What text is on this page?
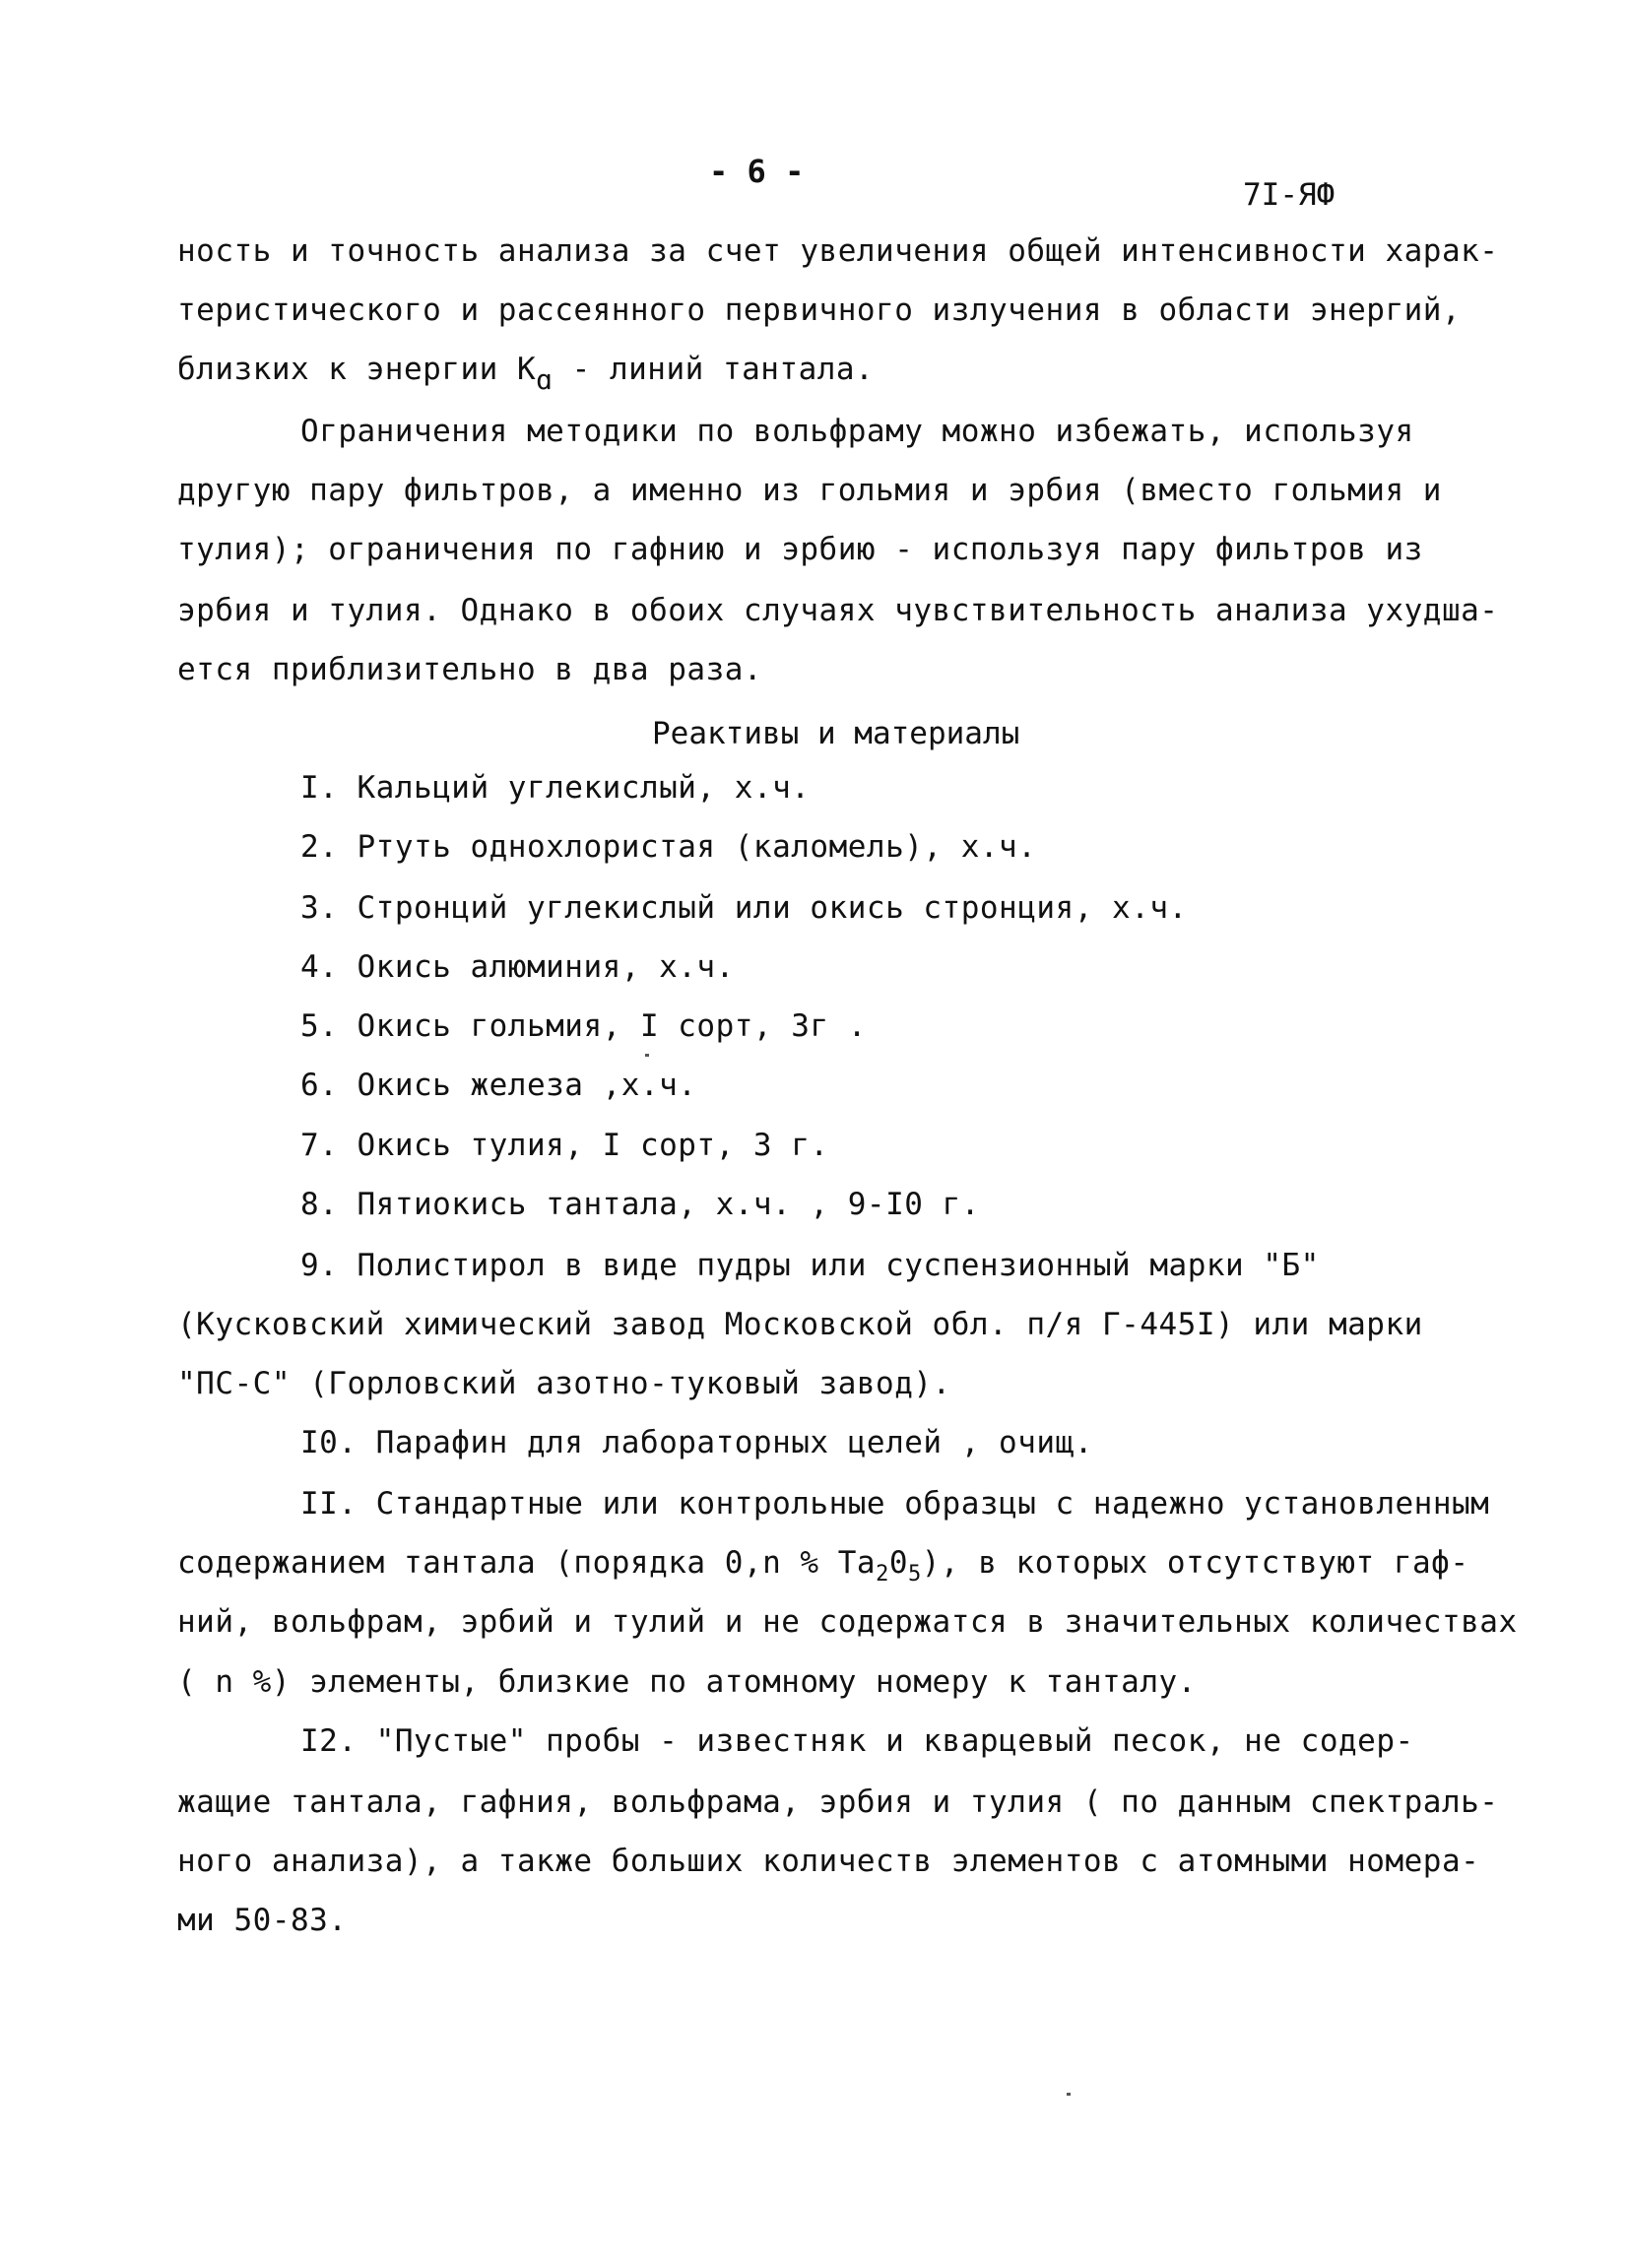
- 6 -
7I-ЯФ
ность и точность анализа за счет увеличения общей интенсивности харак-
теристического и рассеянного первичного излучения в области энергий,
близких к энергии $K_ɑ$ - линий тантала.
Ограничения методики по вольфраму можно избежать, используя
другую пару фильтров, а именно из гольмия и эрбия (вместо гольмия и
тулия); ограничения по гафнию и эрбию - используя пару фильтров из
эрбия и тулия. Однако в обоих случаях чувствительность анализа ухудша-
ется приблизительно в два раза.
Реактивы и материалы
I. Кальций углекислый, х.ч.
2. Ртуть однохлористая (каломель), х.ч.
3. Стронций углекислый или окись стронция, х.ч.
4. Окись алюминия, х.ч.
5. Окись гольмия, I сорт, 3г .
6. Окись железа ,х.ч.
7. Окись тулия, I сорт, 3 г.
8. Пятиокись тантала, х.ч. , 9-I0 г.
9. Полистирол в виде пудры или суспензионный марки "Б"
(Кусковский химический завод Московской обл. п/я Г-445I) или марки
"ПС-С" (Горловский азотно-туковый завод).
I0. Парафин для лабораторных целей , очищ.
II. Стандартные или контрольные образцы с надежно установленным
содержанием тантала (порядка 0,n % $Ta_20_5$), в которых отсутствуют гаф-
ний, вольфрам, эрбий и тулий и не содержатся в значительных количествах
( n %) элементы, близкие по атомному номеру к танталу.
I2. "Пустые" пробы - известняк и кварцевый песок, не содер-
жащие тантала, гафния, вольфрама, эрбия и тулия ( по данным спектраль-
ного анализа), а также больших количеств элементов с атомными номера-
ми 50-83.
